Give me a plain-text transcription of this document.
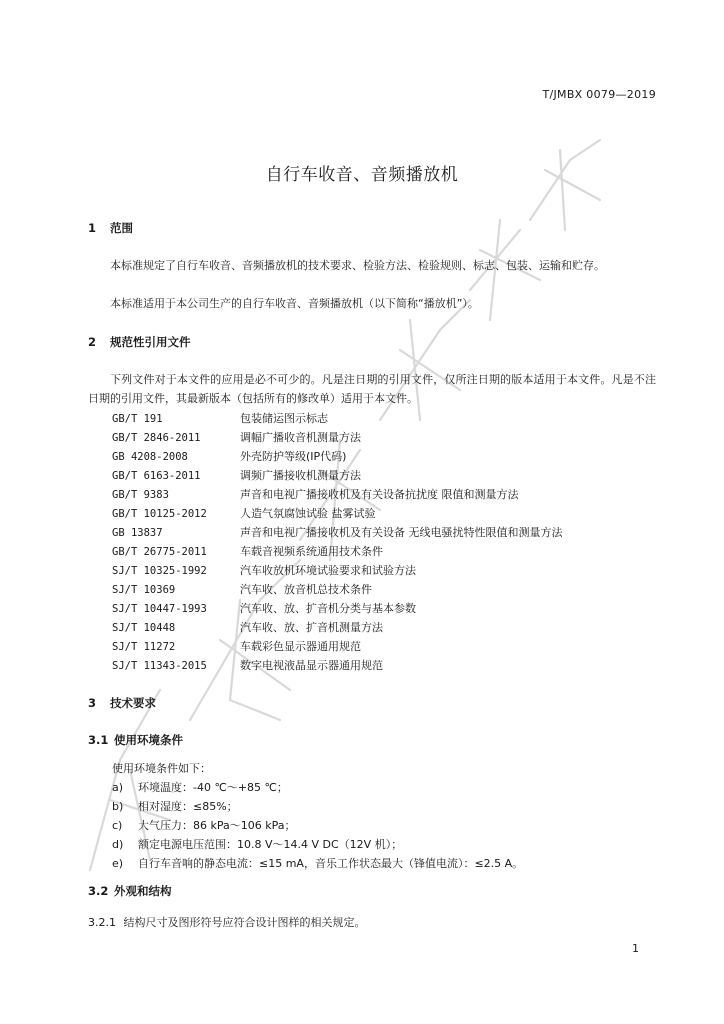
T/JMBX 0079—2019
自行车收音、音频播放机
1 范围
本标准规定了自行车收音、音频播放机的技术要求、检验方法、检验规则、标志、包装、运输和贮存。
本标准适用于本公司生产的自行车收音、音频播放机（以下简称“播放机”）。
2 规范性引用文件
下列文件对于本文件的应用是必不可少的。凡是注日期的引用文件，仅所注日期的版本适用于本文件。凡是不注日期的引用文件，其最新版本（包括所有的修改单）适用于本文件。
GB/T 191	包装储运图示标志
GB/T 2846-2011	调幅广播收音机测量方法
GB 4208-2008	外壳防护等级(IP代码)
GB/T 6163-2011	调频广播接收机测量方法
GB/T 9383	声音和电视广播接收机及有关设备抗扰度 限值和测量方法
GB/T 10125-2012	人造气氛腐蚀试验 盐雾试验
GB 13837	声音和电视广播接收机及有关设备 无线电骚扰特性限值和测量方法
GB/T 26775-2011	车载音视频系统通用技术条件
SJ/T 10325-1992	汽车收放机环境试验要求和试验方法
SJ/T 10369	汽车收、放音机总技术条件
SJ/T 10447-1993	汽车收、放、扩音机分类与基本参数
SJ/T 10448	汽车收、放、扩音机测量方法
SJ/T 11272	车载彩色显示器通用规范
SJ/T 11343-2015	数字电视液晶显示器通用规范
3 技术要求
3.1 使用环境条件
使用环境条件如下：
a) 环境温度：-40 ℃～+85 ℃；
b) 相对湿度：≤85%；
c) 大气压力：86 kPa～106 kPa；
d) 额定电源电压范围：10.8 V～14.4 V DC（12V 机）；
e) 自行车音响的静态电流：≤15 mA，音乐工作状态最大（锋值电流）：≤2.5 A。
3.2 外观和结构
3.2.1 结构尺寸及图形符号应符合设计图样的相关规定。
1
